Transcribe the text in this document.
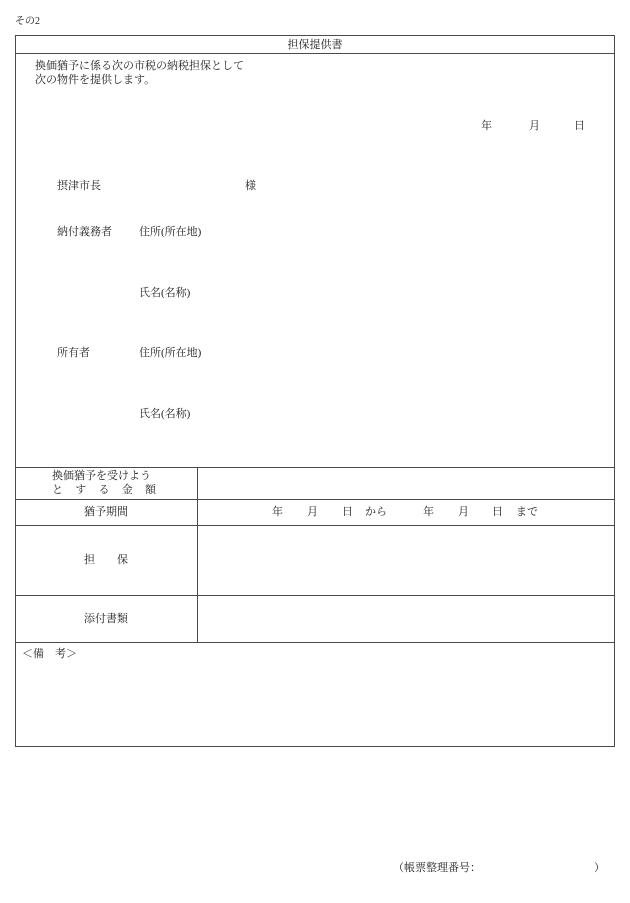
その2
担保提供書
換価猶予に係る次の市税の納税担保として
次の物件を提供します。
年	月	日
摂津市長	様
納付義務者 住所(所在地)
氏名(名称)
所有者	住所(所在地)
氏名(名称)
換価猶予を受けよう
と す る 金 額
猶予期間	年 月 日 から	年 月 日 まで
担　　保
添付書類
＜備　考＞
（帳票整理番号：	）
